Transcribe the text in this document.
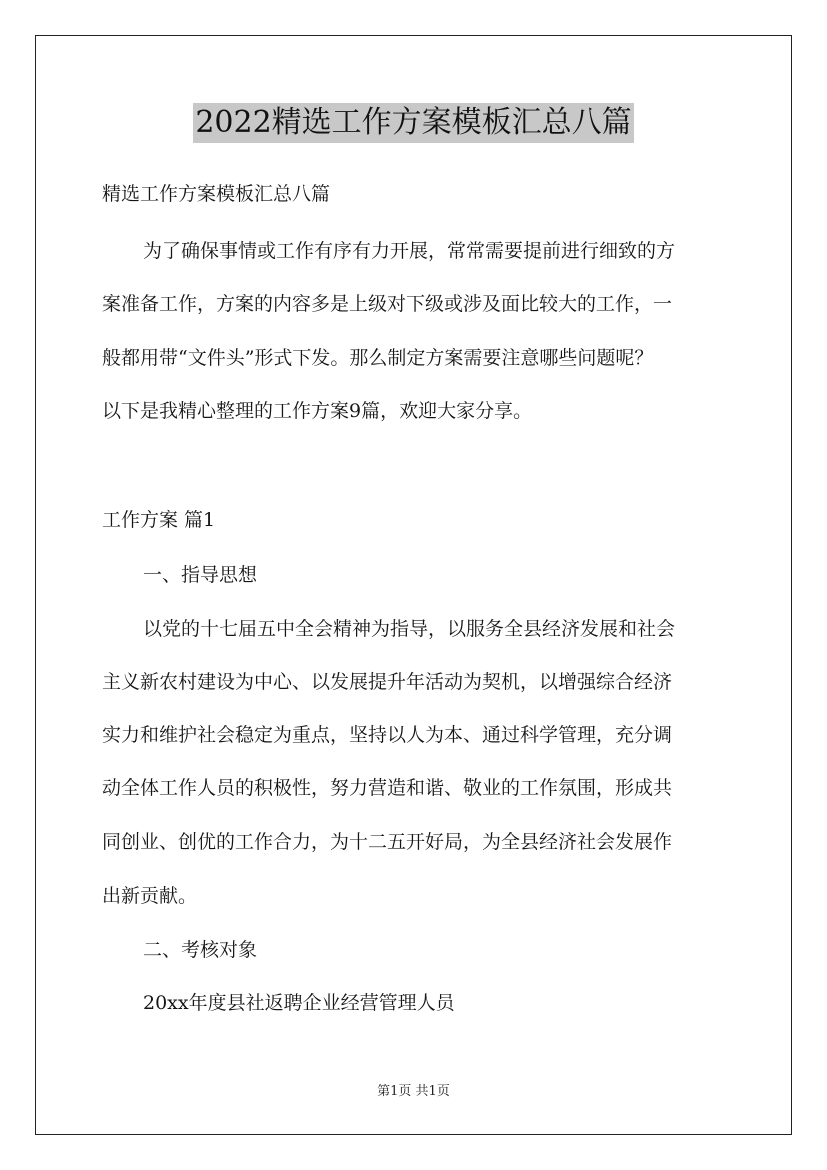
2022精选工作方案模板汇总八篇
精选工作方案模板汇总八篇
为了确保事情或工作有序有力开展，常常需要提前进行细致的方
案准备工作，方案的内容多是上级对下级或涉及面比较大的工作，一
般都用带“文件头”形式下发。那么制定方案需要注意哪些问题呢？
以下是我精心整理的工作方案9篇，欢迎大家分享。
工作方案 篇1
一、指导思想
以党的十七届五中全会精神为指导，以服务全县经济发展和社会
主义新农村建设为中心、以发展提升年活动为契机，以增强综合经济
实力和维护社会稳定为重点，坚持以人为本、通过科学管理，充分调
动全体工作人员的积极性，努力营造和谐、敬业的工作氛围，形成共
同创业、创优的工作合力，为十二五开好局，为全县经济社会发展作
出新贡献。
二、考核对象
20xx年度县社返聘企业经营管理人员
第1页 共1页
